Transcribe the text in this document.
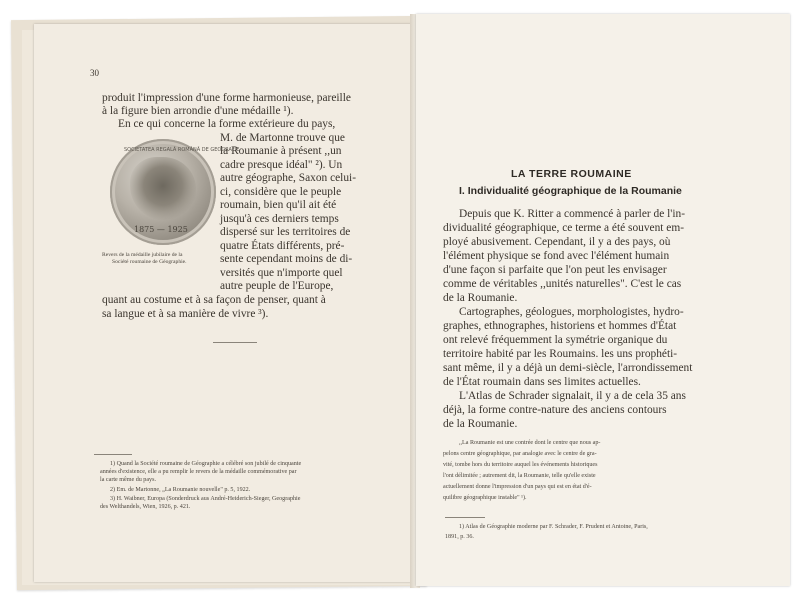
30
produit l'impression d'une forme harmonieuse, pareille
à la figure bien arrondie d'une médaille ¹).
En ce qui concerne la forme extérieure du pays,
M. de Martonne trouve que
la Roumanie à présent ,,un
cadre presque idéal" ²). Un
autre géographe, Saxon celui-
ci, considère que le peuple
roumain, bien qu'il ait été
jusqu'à ces derniers temps
dispersé sur les territoires de
quatre États différents, pré-
sente cependant moins de di-
versités que n'importe quel
autre peuple de l'Europe,
quant au costume et à sa façon de penser, quant à
sa langue et à sa manière de vivre ³).
SOCIETATEA REGALĂ ROMÂNĂ DE GEOGRAFIE
1875 — 1925
Revers de la médaille jubilaire de la
Société roumaine de Géographie.
1) Quand la Société roumaine de Géographie a célébré son jubilé de cinquante
années d'existence, elle a pu remplir le revers de la médaille commémorative par
la carte même du pays.
2) Em. de Martonne, „La Roumanie nouvelle" p. 5, 1922.
3) H. Waibner, Europa (Sonderdruck aus André-Heiderich-Sieger, Geographie
des Welthandels, Wien, 1926, p. 421.
LA TERRE ROUMAINE
I. Individualité géographique de la Roumanie
Depuis que K. Ritter a commencé à parler de l'in-
dividualité géographique, ce terme a été souvent em-
ployé abusivement. Cependant, il y a des pays, où
l'élément physique se fond avec l'élément humain
d'une façon si parfaite que l'on peut les envisager
comme de véritables ,,unités naturelles". C'est le cas
de la Roumanie.
Cartographes, géologues, morphologistes, hydro-
graphes, ethnographes, historiens et hommes d'État
ont relevé fréquemment la symétrie organique du
territoire habité par les Roumains. les uns prophéti-
sant même, il y a déjà un demi-siècle, l'arrondissement
de l'État roumain dans ses limites actuelles.
L'Atlas de Schrader signalait, il y a de cela 35 ans
déjà, la forme contre-nature des anciens contours
de la Roumanie.
,,La Roumanie est une contrée dont le centre que nous ap-
pelons centre géographique, par analogie avec le centre de gra-
vité, tombe hors du territoire auquel les événements historiques
l'ont délimitée ; autrement dit, la Roumanie, telle qu'elle existe
actuellement donne l'impression d'un pays qui est en état d'é-
quilibre géographique instable" ¹).
1) Atlas de Géographie moderne par F. Schrader, F. Prudent et Antoine, Paris,
1891, p. 36.
